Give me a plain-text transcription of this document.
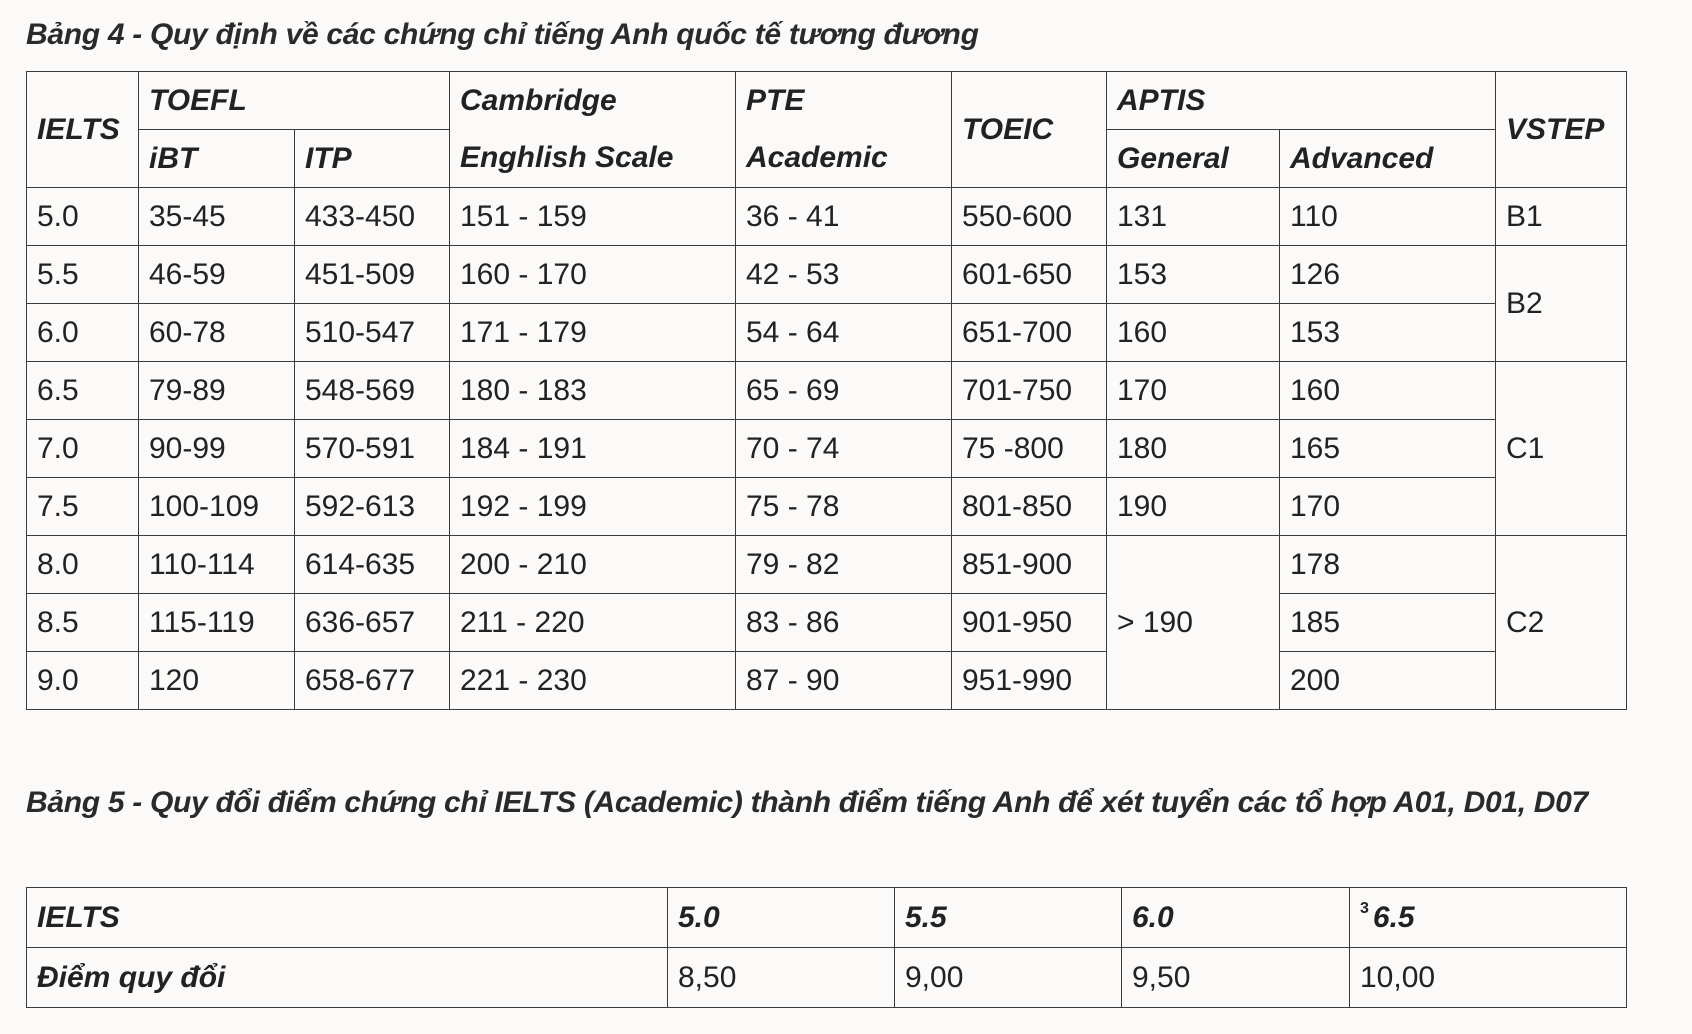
Bảng 4 - Quy định về các chứng chỉ tiếng Anh quốc tế tương đương
IELTS	TOEFL		Cambridge	PTE	TOEIC	APTIS		VSTEP
	iBT	ITP	Enghlish Scale	Academic		General	Advanced	
5.0	35-45	433-450	151 - 159	36 - 41	550-600	131	110	B1
5.5	46-59	451-509	160 - 170	42 - 53	601-650	153	126	B2
6.0	60-78	510-547	171 - 179	54 - 64	651-700	160	153	
6.5	79-89	548-569	180 - 183	65 - 69	701-750	170	160	C1
7.0	90-99	570-591	184 - 191	70 - 74	75 -800	180	165	
7.5	100-109	592-613	192 - 199	75 - 78	801-850	190	170	
8.0	110-114	614-635	200 - 210	79 - 82	851-900	> 190	178	C2
8.5	115-119	636-657	211 - 220	83 - 86	901-950		185	
9.0	120	658-677	221 - 230	87 - 90	951-990		200	
Bảng 5 - Quy đổi điểm chứng chỉ IELTS (Academic) thành điểm tiếng Anh để xét tuyển các tổ hợp A01, D01, D07
IELTS	5.0	5.5	6.0	$^3$ 6.5
Điểm quy đổi	8,50	9,00	9,50	10,00
